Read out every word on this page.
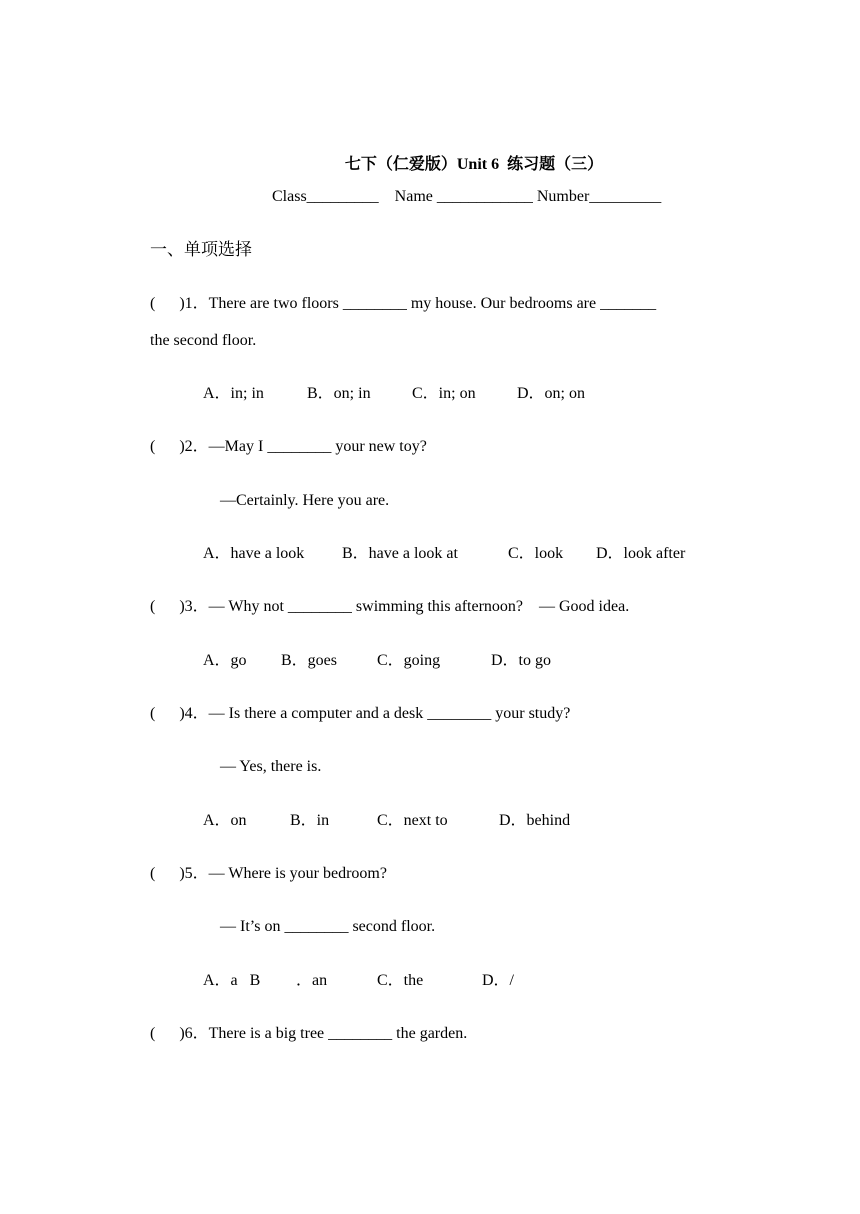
七下（仁爱版）Unit 6 练习题（三）

Class_________    Name ____________ Number_________
一、单项选择
(      )1．There are two floors ________ my house. Our bedrooms are _______
the second floor.
A．in; in	B．on; in	C．in; on	D．on; on
(      )2．—May I ________ your new toy?
—Certainly. Here you are.
A．have a look B．have a look at	C．look D．look after
(      )3．— Why not ________ swimming this afternoon?    — Good idea.
A．go B．goes C．going	D．to go
(      )4．— Is there a computer and a desk ________ your study?
— Yes, there is.
A．on	B．in	C．next to	D．behind
(      )5．— Where is your bedroom?
— It’s on ________ second floor.
A．a   B ．an	C．the	D．/
(      )6．There is a big tree ________ the garden.
